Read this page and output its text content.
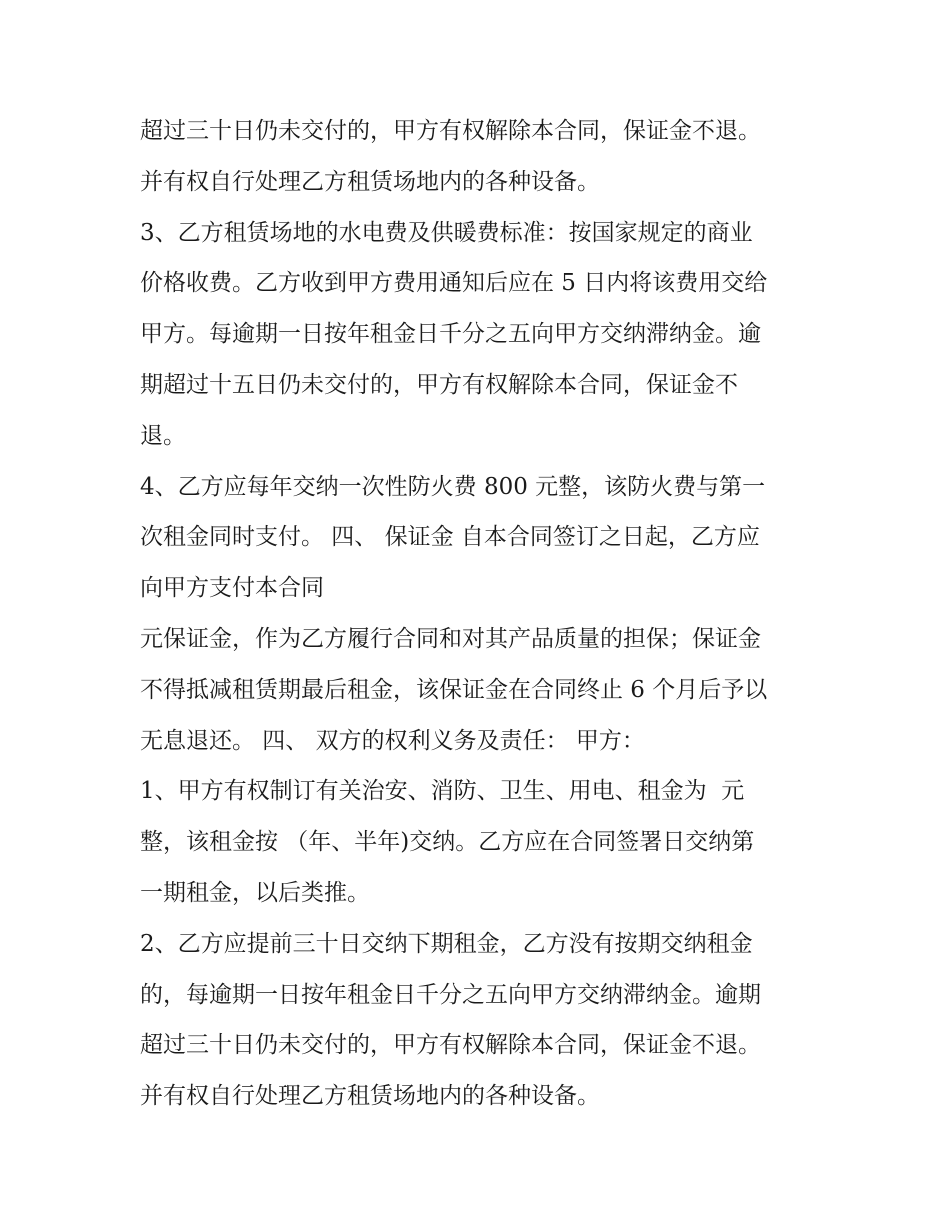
超过三十日仍未交付的，甲方有权解除本合同，保证金不退。
并有权自行处理乙方租赁场地内的各种设备。
3、乙方租赁场地的水电费及供暖费标准：按国家规定的商业
价格收费。乙方收到甲方费用通知后应在 5 日内将该费用交给
甲方。每逾期一日按年租金日千分之五向甲方交纳滞纳金。逾
期超过十五日仍未交付的，甲方有权解除本合同，保证金不
退。
4、乙方应每年交纳一次性防火费 800 元整，该防火费与第一
次租金同时支付。 四、 保证金 自本合同签订之日起，乙方应
向甲方支付本合同
元保证金，作为乙方履行合同和对其产品质量的担保；保证金
不得抵减租赁期最后租金，该保证金在合同终止 6 个月后予以
无息退还。 四、 双方的权利义务及责任： 甲方：
1、甲方有权制订有关治安、消防、卫生、用电、租金为  元
整，该租金按 （年、半年)交纳。乙方应在合同签署日交纳第
一期租金，以后类推。
2、乙方应提前三十日交纳下期租金，乙方没有按期交纳租金
的，每逾期一日按年租金日千分之五向甲方交纳滞纳金。逾期
超过三十日仍未交付的，甲方有权解除本合同，保证金不退。
并有权自行处理乙方租赁场地内的各种设备。
